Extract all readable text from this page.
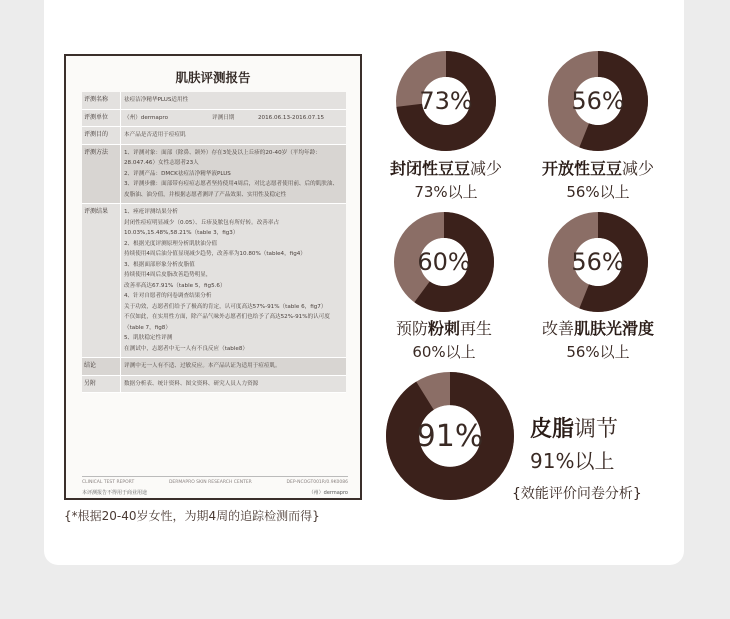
肌肤评测报告
评测名称	祛痘洁净精华PLUS适用性
评测单位	（州）dermapro	评测日期	2016.06.13-2016.07.15
评测目的	本产品是否适用于痘痘肌
评测方法	1、评测对象：面部（除鼻、颌外）存在3处及以上丘疹的20-40岁（平均年龄：28.047.46）女性志愿者23人
2、评测产品：DMCK祛痘洁净精华液PLUS
3、评测步骤：面部带有痘痘志愿者坚持使用4周后，对比志愿者使用前、后的肌肤油、皮脂油、油分值，并根据志愿者测评了产品效果、实用性及稳定性
评测结果	1、痤疮评测结果分析
封闭性痘痘明显减少（0.05）、丘疹及脓包有所好转。改善率占10.03%,15.48%,58.21%（table 3，fig3）
2、根据光度评测原理分析肌肤油分值
持续使用4周后油分值显现减少趋势，改善率为10.80%（table4，fig4）
3、根据面部形象分析皮脂值
持续使用4周后皮脂改善趋势明显，
改善率高达67.91%（table 5，fig5.6）
4、针对自愿者的问卷调查结果分析
关于功效，志愿者们给予了极高的肯定，认可度高达57%-91%（table 6，fig7）
不仅如此，在实用性方面，除产品气味外志愿者们也给予了高达52%-91%的认可度（table 7，fig8）
5、肌肤稳定性评测
在测试中，志愿者中无一人有不良反应（table8）
结论	评测中无一人有不适、过敏反应。本产品认证为适用于痘痘肌。
另附	数据分析表、统计资料、图文资料、研究人员人力资源
CLINICAL TEST REPORT	DERMAPRO SKIN RESEARCH CENTER	DEP-NCOGT001R/0.9K0086
本评测报告不得用于商业用途	（州）dermapro
{*根据20-40岁女性，为期4周的追踪检测而得}
73%
封闭性豆豆减少
73%以上
56%
开放性豆豆减少
56%以上
60%
预防粉刺再生
60%以上
56%
改善肌肤光滑度
56%以上
91%	皮脂调节
91%以上
{效能评价问卷分析}
